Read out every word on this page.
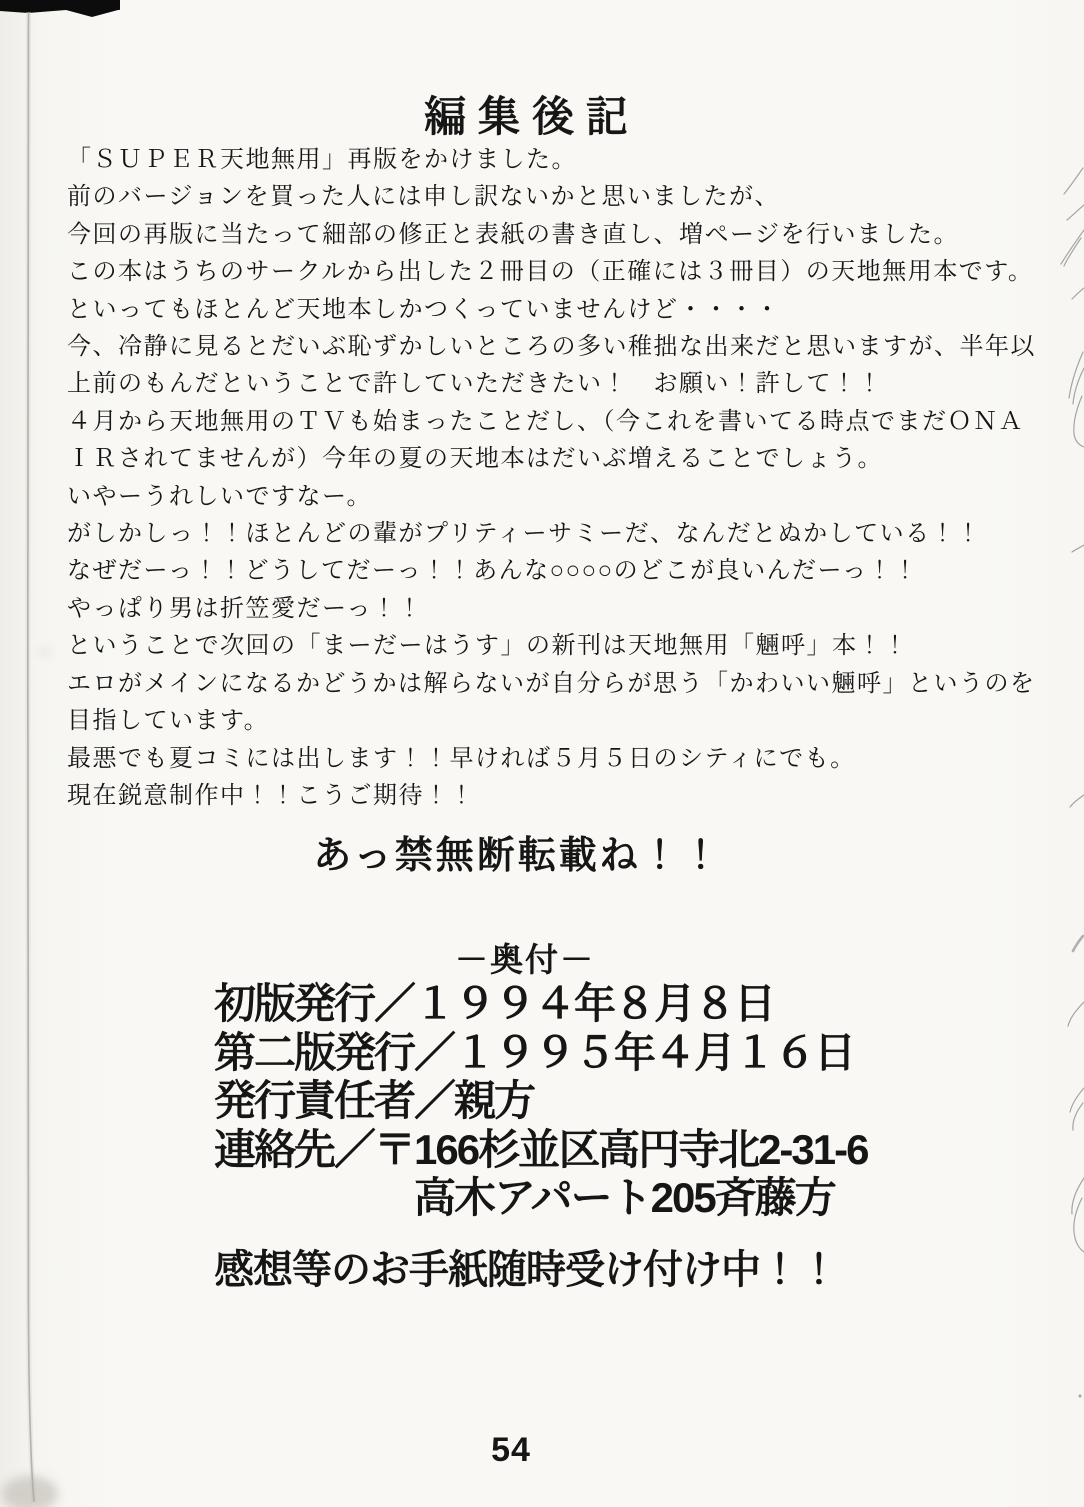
編集後記
「ＳＵＰＥＲ天地無用」再版をかけました。
前のバージョンを買った人には申し訳ないかと思いましたが、
今回の再版に当たって細部の修正と表紙の書き直し、増ページを行いました。
この本はうちのサークルから出した２冊目の（正確には３冊目）の天地無用本です。
といってもほとんど天地本しかつくっていませんけど・・・・
今、冷静に見るとだいぶ恥ずかしいところの多い稚拙な出来だと思いますが、半年以
上前のもんだということで許していただきたい！　お願い！許して！！
４月から天地無用のＴＶも始まったことだし、（今これを書いてる時点でまだＯＮＡ
ＩＲされてませんが）今年の夏の天地本はだいぶ増えることでしょう。
いやーうれしいですなー。
がしかしっ！！ほとんどの輩がプリティーサミーだ、なんだとぬかしている！！
なぜだーっ！！どうしてだーっ！！あんな○○○○のどこが良いんだーっ！！
やっぱり男は折笠愛だーっ！！
ということで次回の「まーだーはうす」の新刊は天地無用「魎呼」本！！
エロがメインになるかどうかは解らないが自分らが思う「かわいい魎呼」というのを
目指しています。
最悪でも夏コミには出します！！早ければ５月５日のシティにでも。
現在鋭意制作中！！こうご期待！！
あっ禁無断転載ね！！
－奥付－
初版発行／１９９４年８月８日
第二版発行／１９９５年４月１６日
発行責任者／親方
連絡先／〒166杉並区高円寺北2-31-6
高木アパート205斉藤方
感想等のお手紙随時受け付け中！！
54
